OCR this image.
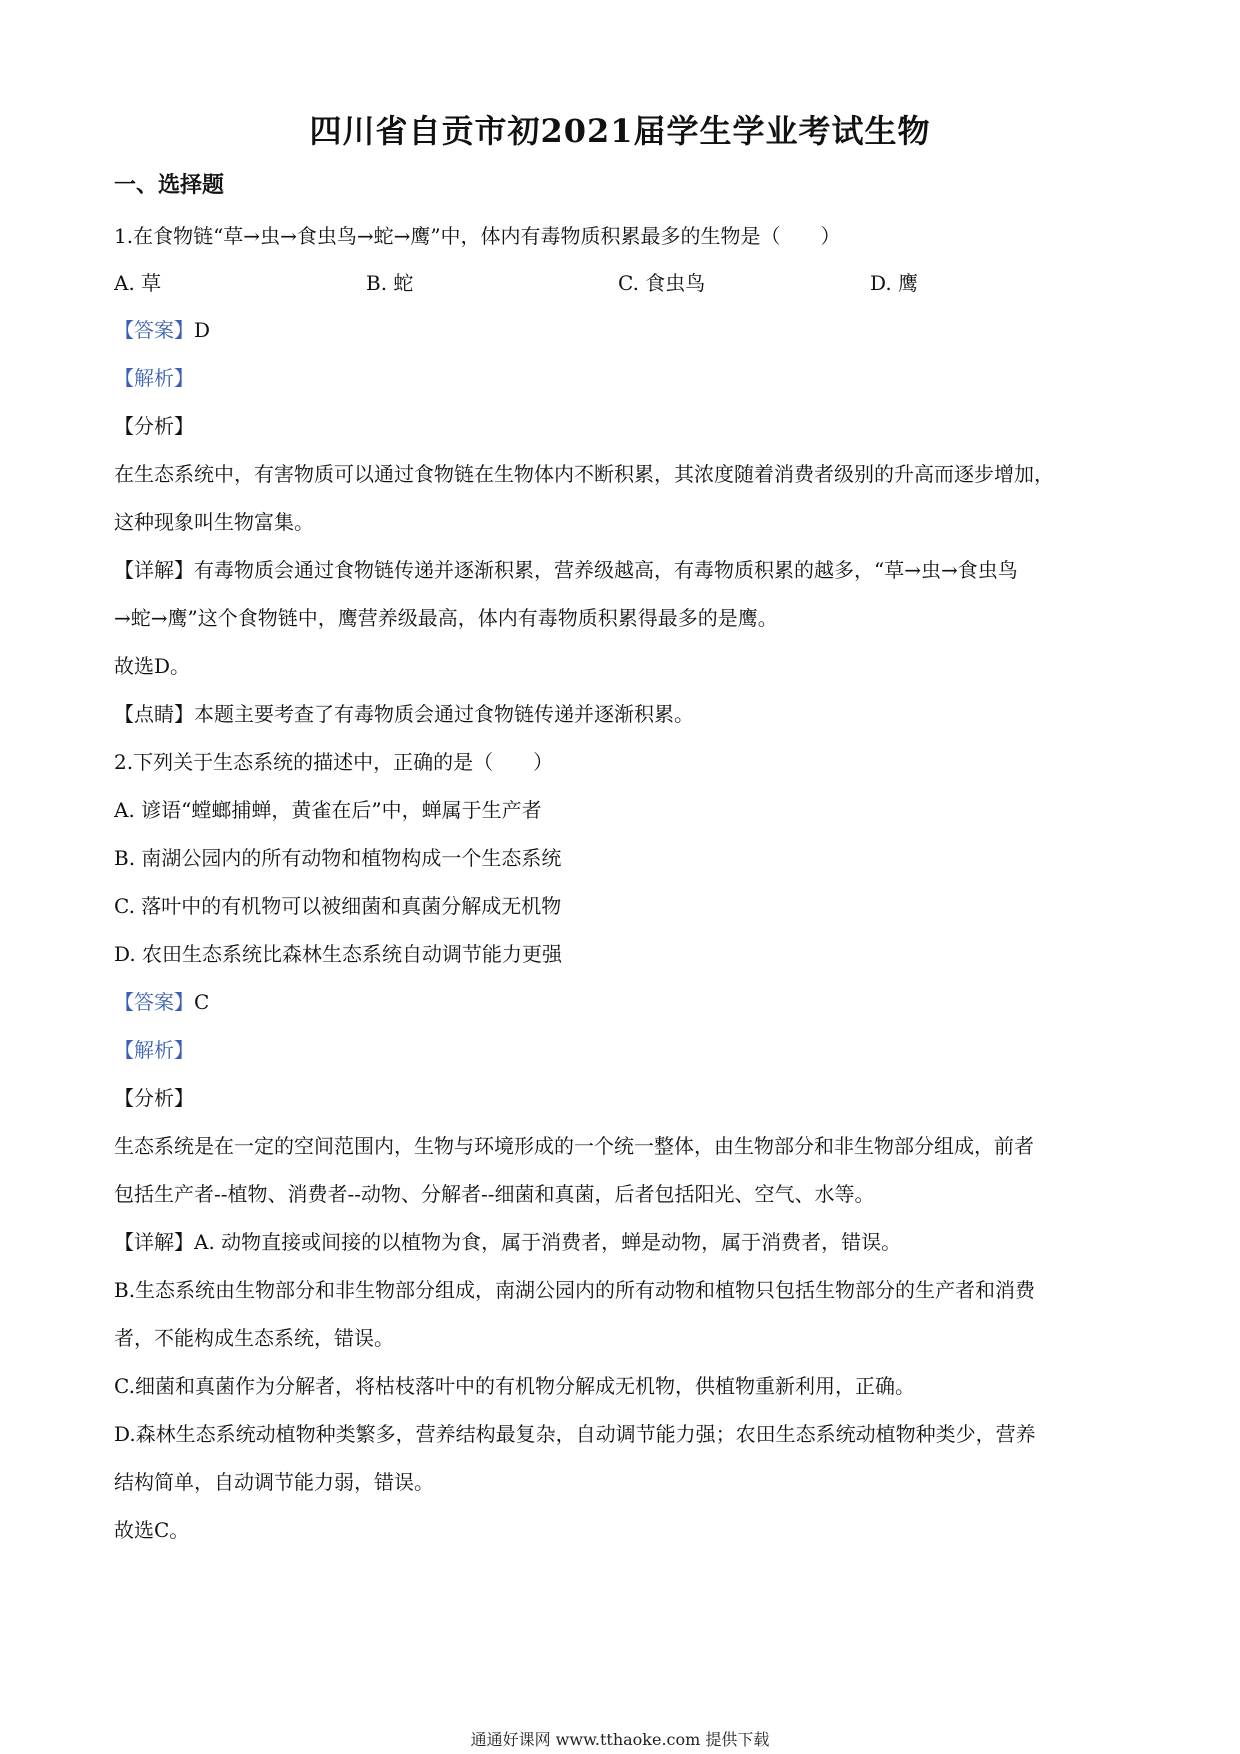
四川省自贡市初2021届学生学业考试生物
一、选择题
1.在食物链“草→虫→食虫鸟→蛇→鹰”中，体内有毒物质积累最多的生物是（　　）
A. 草	B. 蛇	C. 食虫鸟	D. 鹰
【答案】D
【解析】
【分析】
在生态系统中，有害物质可以通过食物链在生物体内不断积累，其浓度随着消费者级别的升高而逐步增加，
这种现象叫生物富集。
【详解】有毒物质会通过食物链传递并逐渐积累，营养级越高，有毒物质积累的越多，“草→虫→食虫鸟
→蛇→鹰”这个食物链中，鹰营养级最高，体内有毒物质积累得最多的是鹰。
故选D。
【点睛】本题主要考查了有毒物质会通过食物链传递并逐渐积累。
2.下列关于生态系统的描述中，正确的是（　　）
A. 谚语“螳螂捕蝉，黄雀在后”中，蝉属于生产者
B. 南湖公园内的所有动物和植物构成一个生态系统
C. 落叶中的有机物可以被细菌和真菌分解成无机物
D. 农田生态系统比森林生态系统自动调节能力更强
【答案】C
【解析】
【分析】
生态系统是在一定的空间范围内，生物与环境形成的一个统一整体，由生物部分和非生物部分组成，前者
包括生产者--植物、消费者--动物、分解者--细菌和真菌，后者包括阳光、空气、水等。
【详解】A. 动物直接或间接的以植物为食，属于消费者，蝉是动物，属于消费者，错误。
B.生态系统由生物部分和非生物部分组成，南湖公园内的所有动物和植物只包括生物部分的生产者和消费
者，不能构成生态系统，错误。
C.细菌和真菌作为分解者，将枯枝落叶中的有机物分解成无机物，供植物重新利用，正确。
D.森林生态系统动植物种类繁多，营养结构最复杂，自动调节能力强；农田生态系统动植物种类少，营养
结构简单，自动调节能力弱，错误。
故选C。
通通好课网 www.tthaoke.com 提供下载
